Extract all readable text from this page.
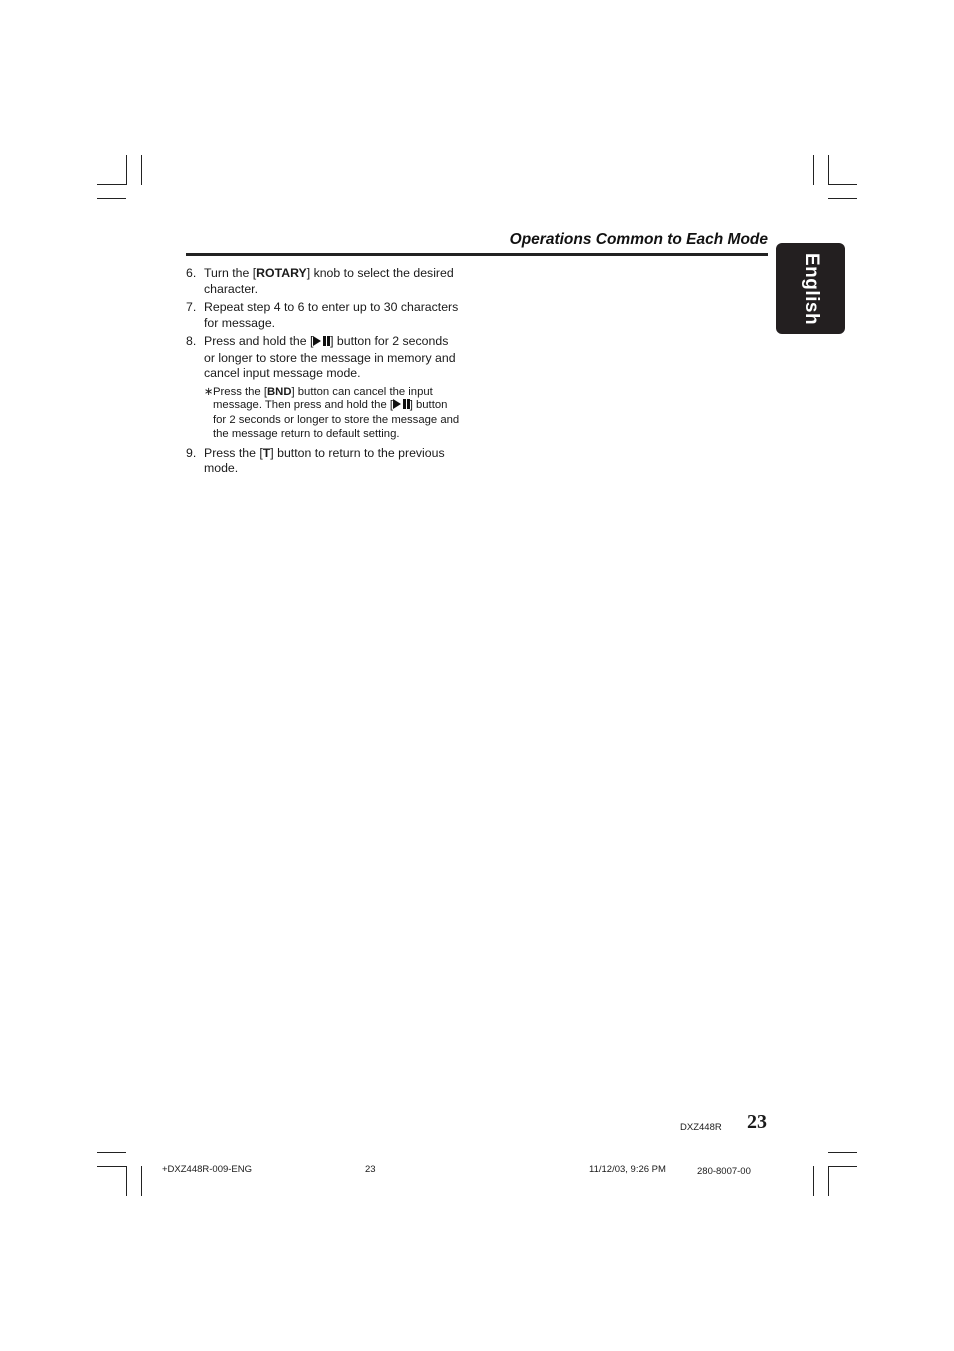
Operations Common to Each Mode
English
6. Turn the [ROTARY] knob to select the desired character.
7. Repeat step 4 to 6 to enter up to 30 characters for message.
8. Press and hold the [ ] button for 2 seconds or longer to store the message in memory and cancel input message mode.
∗ Press the [BND] button can cancel the input message. Then press and hold the [ ] button for 2 seconds or longer to store the message and the message return to default setting.
9. Press the [T] button to return to the previous mode.
DXZ448R 23
+DXZ448R-009-ENG	23	11/12/03, 9:26 PM	280-8007-00
